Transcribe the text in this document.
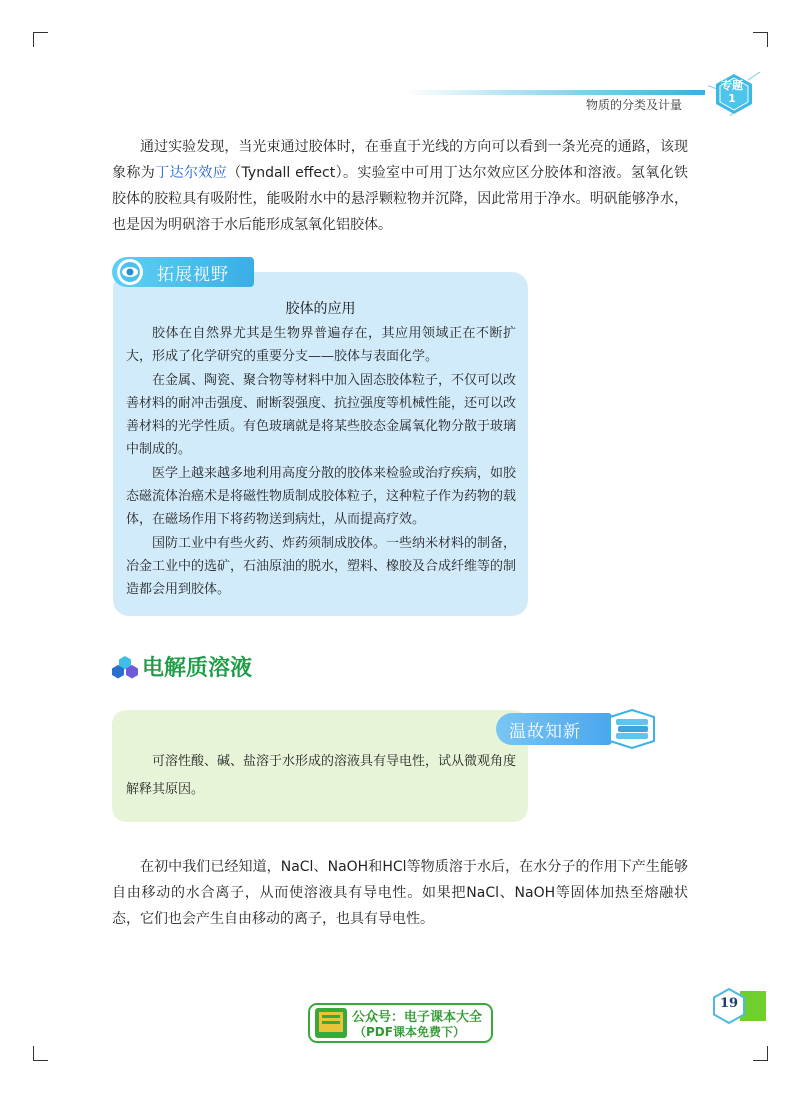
专题
1
物质的分类及计量

通过实验发现，当光束通过胶体时，在垂直于光线的方向可以看到一条光亮的通路，该现象称为丁达尔效应（Tyndall effect）。实验室中可用丁达尔效应区分胶体和溶液。氢氧化铁胶体的胶粒具有吸附性，能吸附水中的悬浮颗粒物并沉降，因此常用于净水。明矾能够净水，也是因为明矾溶于水后能形成氢氧化铝胶体。

拓展视野
胶体的应用

胶体在自然界尤其是生物界普遍存在，其应用领域正在不断扩大，形成了化学研究的重要分支——胶体与表面化学。

在金属、陶瓷、聚合物等材料中加入固态胶体粒子，不仅可以改善材料的耐冲击强度、耐断裂强度、抗拉强度等机械性能，还可以改善材料的光学性质。有色玻璃就是将某些胶态金属氧化物分散于玻璃中制成的。

医学上越来越多地利用高度分散的胶体来检验或治疗疾病，如胶态磁流体治癌术是将磁性物质制成胶体粒子，这种粒子作为药物的载体，在磁场作用下将药物送到病灶，从而提高疗效。

国防工业中有些火药、炸药须制成胶体。一些纳米材料的制备，冶金工业中的选矿，石油原油的脱水，塑料、橡胶及合成纤维等的制造都会用到胶体。

电解质溶液
温故知新

可溶性酸、碱、盐溶于水形成的溶液具有导电性，试从微观角度解释其原因。

在初中我们已经知道，NaCl、NaOH和HCl等物质溶于水后，在水分子的作用下产生能够自由移动的水合离子，从而使溶液具有导电性。如果把NaCl、NaOH等固体加热至熔融状态，它们也会产生自由移动的离子，也具有导电性。

19
公众号：电子课本大全
（PDF课本免费下）
